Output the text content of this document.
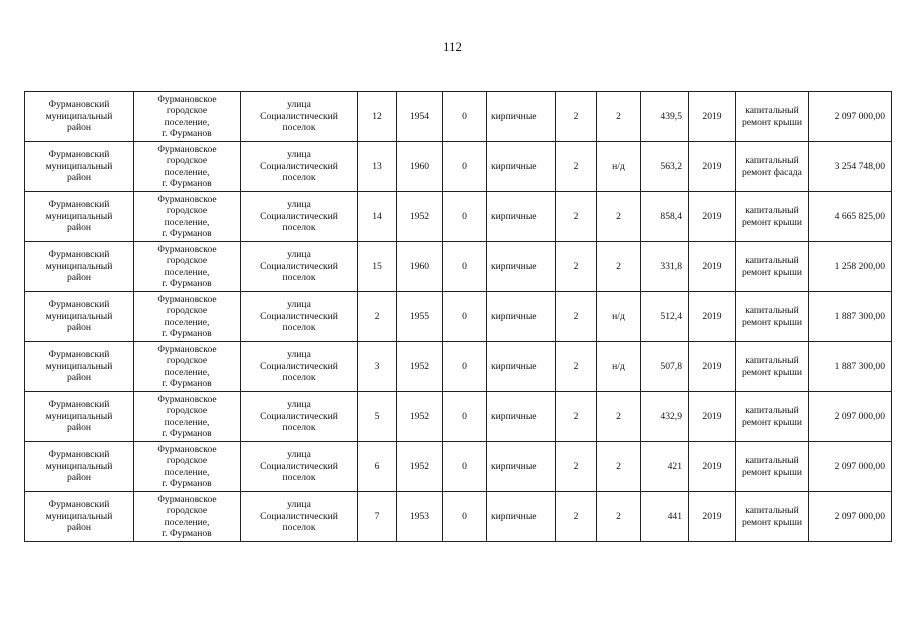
112
Фурмановский
муниципальный
район	Фурмановское
городское
поселение,
г. Фурманов	улица
Социалистический
поселок	12	1954	0	кирпичные	2	2	439,5	2019	капитальный
ремонт крыши	2 097 000,00
Фурмановский
муниципальный
район	Фурмановское
городское
поселение,
г. Фурманов	улица
Социалистический
поселок	13	1960	0	кирпичные	2	н/д	563,2	2019	капитальный
ремонт фасада	3 254 748,00
Фурмановский
муниципальный
район	Фурмановское
городское
поселение,
г. Фурманов	улица
Социалистический
поселок	14	1952	0	кирпичные	2	2	858,4	2019	капитальный
ремонт крыши	4 665 825,00
Фурмановский
муниципальный
район	Фурмановское
городское
поселение,
г. Фурманов	улица
Социалистический
поселок	15	1960	0	кирпичные	2	2	331,8	2019	капитальный
ремонт крыши	1 258 200,00
Фурмановский
муниципальный
район	Фурмановское
городское
поселение,
г. Фурманов	улица
Социалистический
поселок	2	1955	0	кирпичные	2	н/д	512,4	2019	капитальный
ремонт крыши	1 887 300,00
Фурмановский
муниципальный
район	Фурмановское
городское
поселение,
г. Фурманов	улица
Социалистический
поселок	3	1952	0	кирпичные	2	н/д	507,8	2019	капитальный
ремонт крыши	1 887 300,00
Фурмановский
муниципальный
район	Фурмановское
городское
поселение,
г. Фурманов	улица
Социалистический
поселок	5	1952	0	кирпичные	2	2	432,9	2019	капитальный
ремонт крыши	2 097 000,00
Фурмановский
муниципальный
район	Фурмановское
городское
поселение,
г. Фурманов	улица
Социалистический
поселок	6	1952	0	кирпичные	2	2	421	2019	капитальный
ремонт крыши	2 097 000,00
Фурмановский
муниципальный
район	Фурмановское
городское
поселение,
г. Фурманов	улица
Социалистический
поселок	7	1953	0	кирпичные	2	2	441	2019	капитальный
ремонт крыши	2 097 000,00
